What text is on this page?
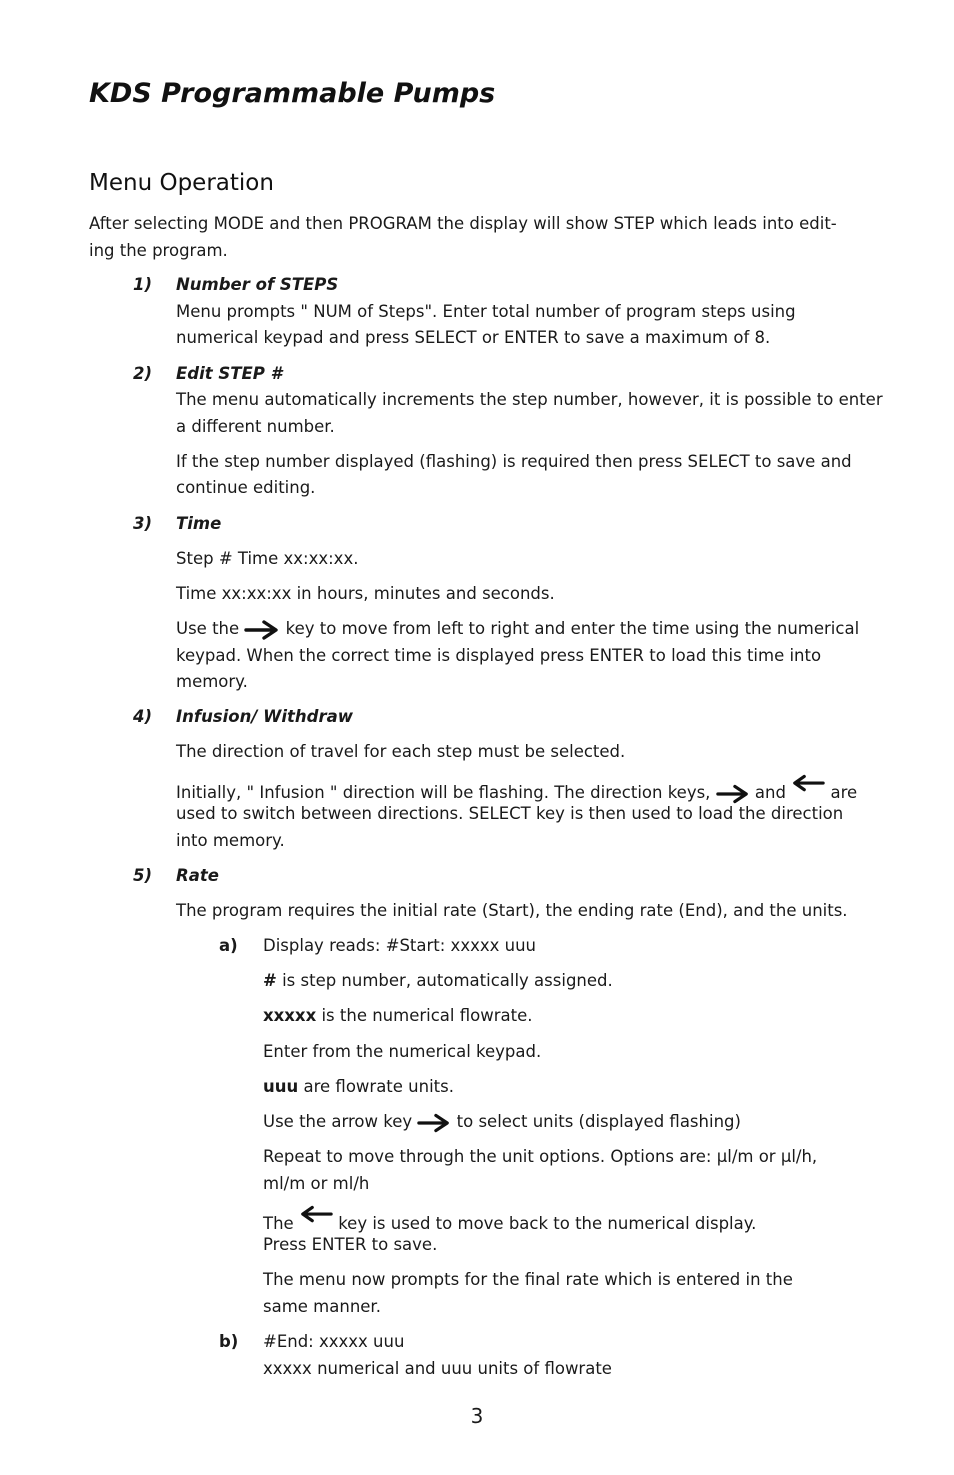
KDS Programmable Pumps
Menu Operation

After selecting MODE and then PROGRAM the display will show STEP which leads into edit-

ing the program.

1) Number of STEPS

Menu prompts " NUM of Steps". Enter total number of program steps using

numerical keypad and press SELECT or ENTER to save a maximum of 8.

2) Edit STEP #

The menu automatically increments the step number, however, it is possible to enter

a different number.

If the step number displayed (flashing) is required then press SELECT to save and

continue editing.

3) Time

Step # Time xx:xx:xx.

Time xx:xx:xx in hours, minutes and seconds.

Use the	key to move from left to right and enter the time using the numerical

keypad. When the correct time is displayed press ENTER to load this time into

memory.

4) Infusion/ Withdraw

The direction of travel for each step must be selected.

Initially, " Infusion " direction will be flashing. The direction keys,	and	are

used to switch between directions. SELECT key is then used to load the direction

into memory.

5) Rate

The program requires the initial rate (Start), the ending rate (End), and the units.

a) Display reads: #Start: xxxxx uuu

# is step number, automatically assigned.

xxxxx is the numerical flowrate.

Enter from the numerical keypad.

uuu are flowrate units.

Use the arrow key	to select units (displayed flashing)

Repeat to move through the unit options. Options are: µl/m or µl/h,

ml/m or ml/h

The	key is used to move back to the numerical display.

Press ENTER to save.

The menu now prompts for the final rate which is entered in the

same manner.

b) #End: xxxxx uuu

xxxxx numerical and uuu units of flowrate

3
